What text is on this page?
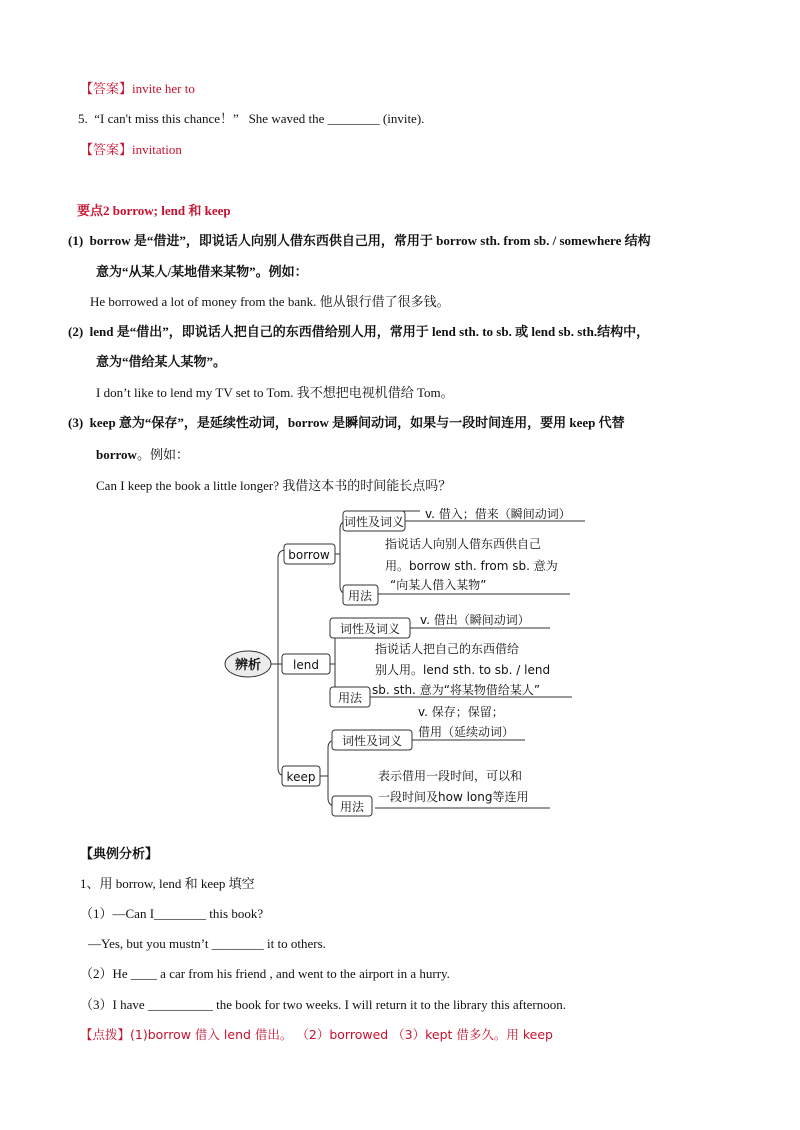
【答案】invite her to
5. “I can't miss this chance！” She waved the ________ (invite).
【答案】invitation
要点2 borrow; lend 和 keep
(1) borrow 是“借进”，即说话人向别人借东西供自己用，常用于 borrow sth. from sb. / somewhere 结构
意为“从某人/某地借来某物”。例如：
He borrowed a lot of money from the bank. 他从银行借了很多钱。
(2) lend 是“借出”，即说话人把自己的东西借给别人用，常用于 lend sth. to sb. 或 lend sb. sth.结构中，
意为“借给某人某物”。
I don’t like to lend my TV set to Tom. 我不想把电视机借给 Tom。
(3) keep 意为“保存”，是延续性动词，borrow 是瞬间动词，如果与一段时间连用，要用 keep 代替
borrow。例如：
Can I keep the book a little longer? 我借这本书的时间能长点吗？
辨析
borrow
词性及词义
v. 借入；借来（瞬间动词）
指说话人向别人借东西供自己
用。borrow sth. from sb. 意为
“向某人借入某物”
用法
lend
词性及词义
v. 借出（瞬间动词）
指说话人把自己的东西借给
别人用。lend sth. to sb. / lend
sb. sth. 意为“将某物借给某人”
用法
keep
词性及词义
v. 保存；保留；
借用（延续动词）
表示借用一段时间，可以和
一段时间及how long等连用
用法
【典例分析】
1、用 borrow, lend 和 keep 填空
（1）—Can I________ this book?
—Yes, but you mustn’t ________ it to others.
（2）He ____ a car from his friend , and went to the airport in a hurry.
（3）I have __________ the book for two weeks. I will return it to the library this afternoon.
【点拨】(1)borrow 借入 lend 借出。 （2）borrowed （3）kept 借多久。用 keep
